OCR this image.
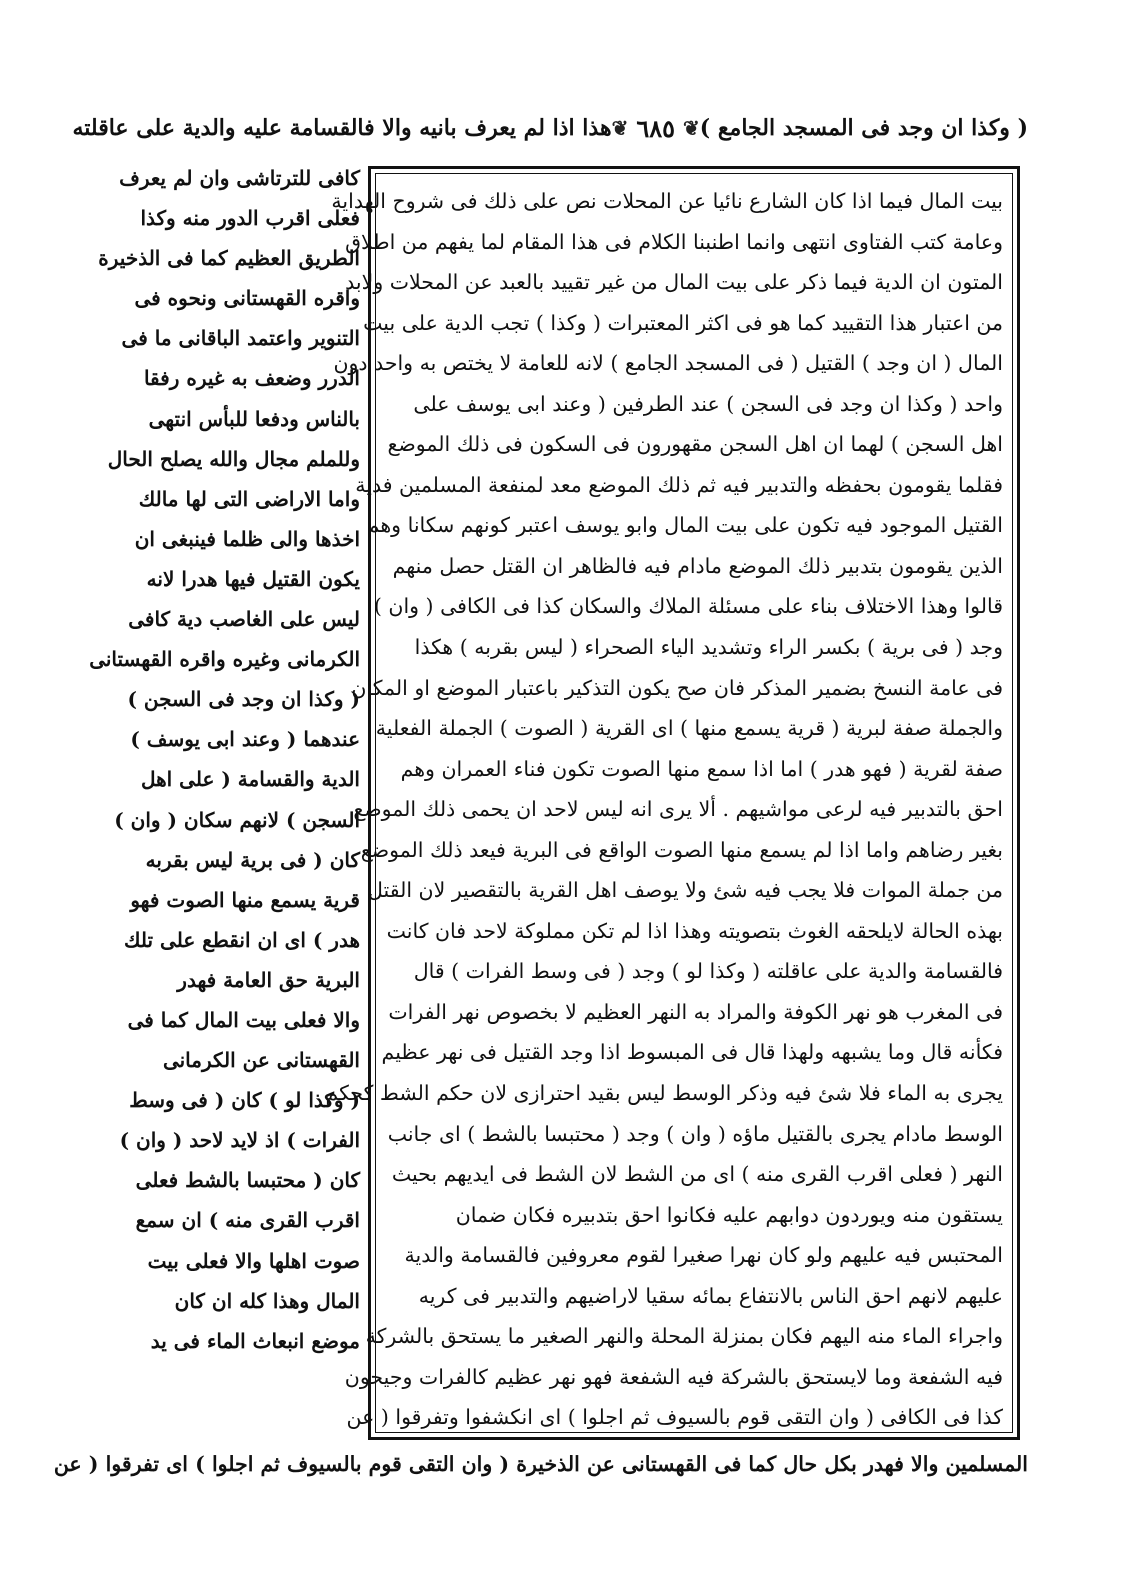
( وكذا ان وجد فى المسجد الجامع )
❦
٦٨٥
❦
هذا اذا لم يعرف بانيه والا فالقسامة عليه والدية على عاقلته
بيت المال فيما اذا كان الشارع نائيا عن المحلات نص على ذلك فى شروح الهداية
وعامة كتب الفتاوى انتهى وانما اطنبنا الكلام فى هذا المقام لما يفهم من اطلاق
المتون ان الدية فيما ذكر على بيت المال من غير تقييد بالعبد عن المحلات ولابد
من اعتبار هذا التقييد كما هو فى اكثر المعتبرات ( وكذا ) تجب الدية على بيت
المال ( ان وجد ) القتيل ( فى المسجد الجامع ) لانه للعامة لا يختص به واحد دون
واحد ( وكذا ان وجد فى السجن ) عند الطرفين ( وعند ابى يوسف على
اهل السجن ) لهما ان اهل السجن مقهورون فى السكون فى ذلك الموضع
فقلما يقومون بحفظه والتدبير فيه ثم ذلك الموضع معد لمنفعة المسلمين فدية
القتيل الموجود فيه تكون على بيت المال وابو يوسف اعتبر كونهم سكانا وهم
الذين يقومون بتدبير ذلك الموضع مادام فيه فالظاهر ان القتل حصل منهم
قالوا وهذا الاختلاف بناء على مسئلة الملاك والسكان كذا فى الكافى ( وان )
وجد ( فى برية ) بكسر الراء وتشديد الياء الصحراء ( ليس بقربه ) هكذا
فى عامة النسخ بضمير المذكر فان صح يكون التذكير باعتبار الموضع او المكان
والجملة صفة لبرية ( قرية يسمع منها ) اى القرية ( الصوت ) الجملة الفعلية
صفة لقرية ( فهو هدر ) اما اذا سمع منها الصوت تكون فناء العمران وهم
احق بالتدبير فيه لرعى مواشيهم . ألا يرى انه ليس لاحد ان يحمى ذلك الموضع
بغير رضاهم واما اذا لم يسمع منها الصوت الواقع فى البرية فيعد ذلك الموضع
من جملة الموات فلا يجب فيه شئ ولا يوصف اهل القرية بالتقصير لان القتل
بهذه الحالة لايلحقه الغوث بتصويته وهذا اذا لم تكن مملوكة لاحد فان كانت
فالقسامة والدية على عاقلته ( وكذا لو ) وجد ( فى وسط الفرات ) قال
فى المغرب هو نهر الكوفة والمراد به النهر العظيم لا بخصوص نهر الفرات
فكأنه قال وما يشبهه ولهذا قال فى المبسوط اذا وجد القتيل فى نهر عظيم
يجرى به الماء فلا شئ فيه وذكر الوسط ليس بقيد احترازى لان حكم الشط كحكم
الوسط مادام يجرى بالقتيل ماؤه ( وان ) وجد ( محتبسا بالشط ) اى جانب
النهر ( فعلى اقرب القرى منه ) اى من الشط لان الشط فى ايديهم بحيث
يستقون منه ويوردون دوابهم عليه فكانوا احق بتدبيره فكان ضمان
المحتبس فيه عليهم ولو كان نهرا صغيرا لقوم معروفين فالقسامة والدية
عليهم لانهم احق الناس بالانتفاع بمائه سقيا لاراضيهم والتدبير فى كريه
واجراء الماء منه اليهم فكان بمنزلة المحلة والنهر الصغير ما يستحق بالشركة
فيه الشفعة وما لايستحق بالشركة فيه الشفعة فهو نهر عظيم كالفرات وجيحون
كذا فى الكافى ( وان التقى قوم بالسيوف ثم اجلوا ) اى انكشفوا وتفرقوا ( عن
كافى للترتاشى وان لم يعرف
فعلى اقرب الدور منه وكذا
الطريق العظيم كما فى الذخيرة
واقره القهستانى ونحوه فى
التنوير واعتمد الباقانى ما فى
الدرر وضعف به غيره رفقا
بالناس ودفعا للبأس انتهى
وللملم مجال والله يصلح الحال
واما الاراضى التى لها مالك
اخذها والى ظلما فينبغى ان
يكون القتيل فيها هدرا لانه
ليس على الغاصب دية كافى
الكرمانى وغيره واقره القهستانى
( وكذا ان وجد فى السجن )
عندهما ( وعند ابى يوسف )
الدية والقسامة ( على اهل
السجن ) لانهم سكان ( وان )
كان ( فى برية ليس بقربه
قرية يسمع منها الصوت فهو
هدر ) اى ان انقطع على تلك
البرية حق العامة فهدر
والا فعلى بيت المال كما فى
القهستانى عن الكرمانى
( وكذا لو ) كان ( فى وسط
الفرات ) اذ لايد لاحد ( وان )
كان ( محتبسا بالشط فعلى
اقرب القرى منه ) ان سمع
صوت اهلها والا فعلى بيت
المال وهذا كله ان كان
موضع انبعاث الماء فى يد
المسلمين والا فهدر بكل حال كما فى القهستانى عن الذخيرة ( وان التقى قوم بالسيوف ثم اجلوا ) اى تفرقوا ( عن
